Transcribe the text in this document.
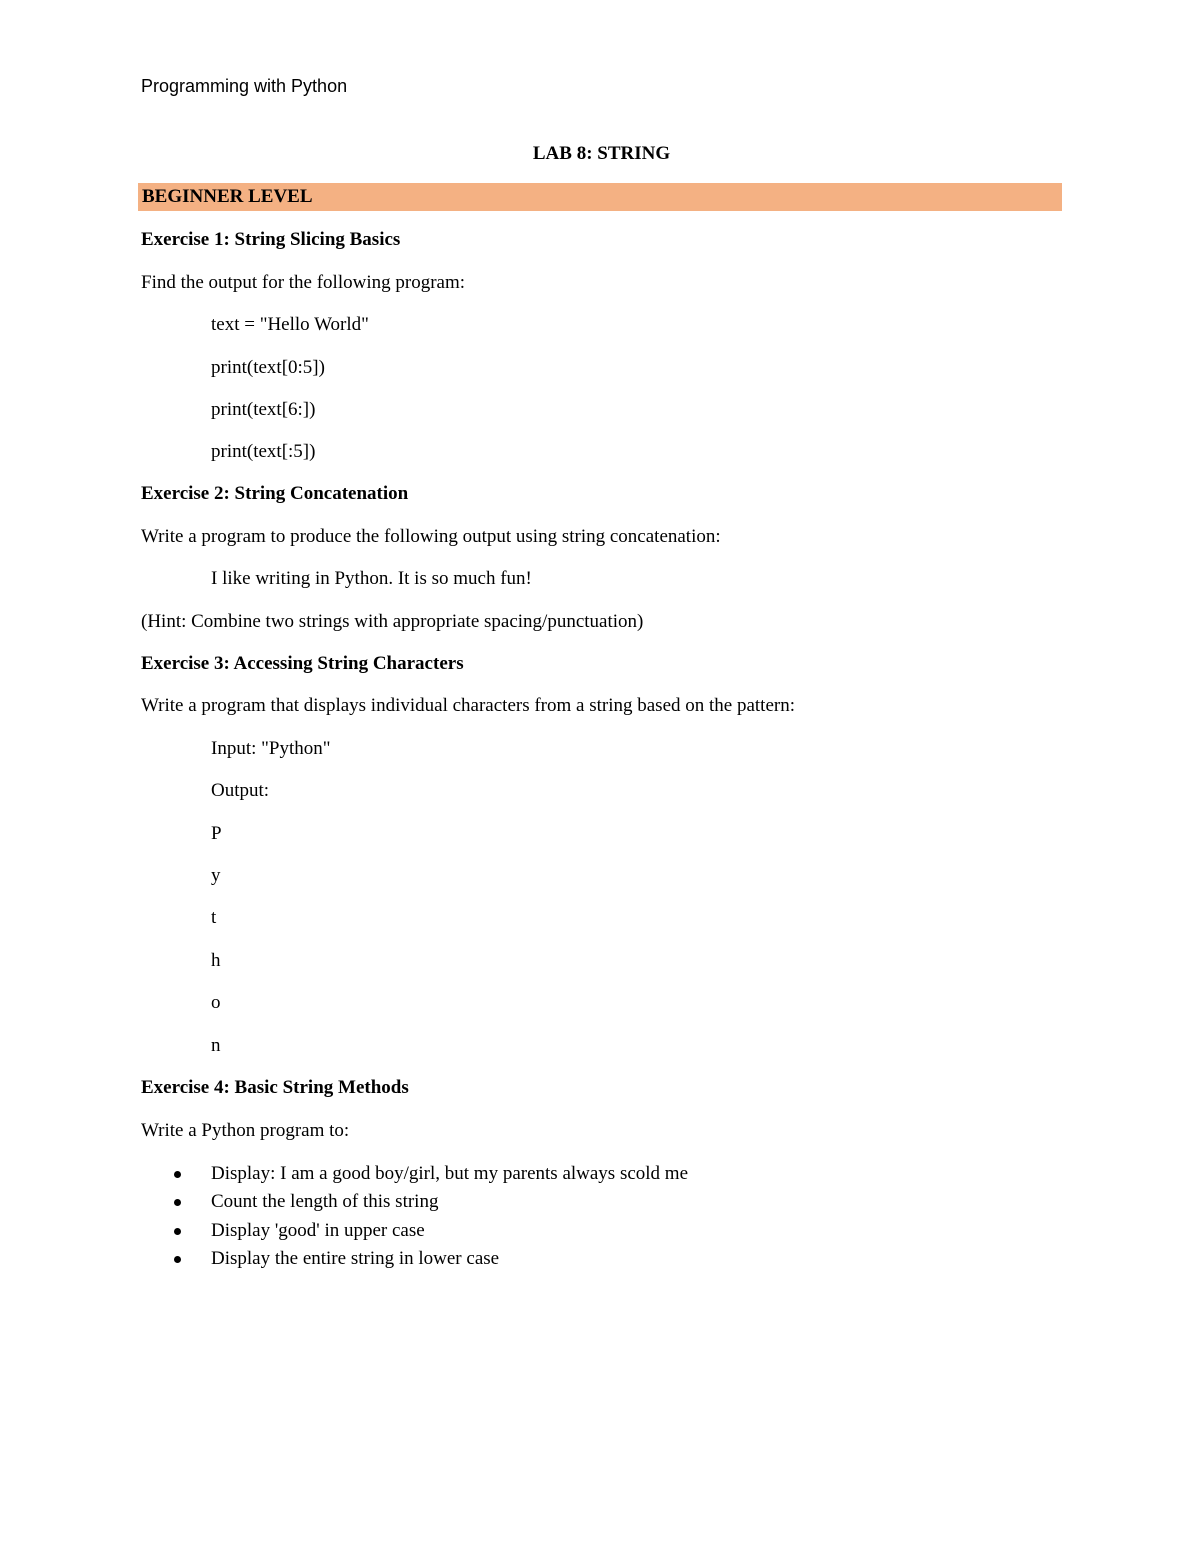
Programming with Python
LAB 8: STRING
BEGINNER LEVEL
Exercise 1: String Slicing Basics
Find the output for the following program:
text = "Hello World"
print(text[0:5])
print(text[6:])
print(text[:5])
Exercise 2: String Concatenation
Write a program to produce the following output using string concatenation:
I like writing in Python. It is so much fun!
(Hint: Combine two strings with appropriate spacing/punctuation)
Exercise 3: Accessing String Characters
Write a program that displays individual characters from a string based on the pattern:
Input: "Python"
Output:
P
y
t
h
o
n
Exercise 4: Basic String Methods
Write a Python program to:
Display: I am a good boy/girl, but my parents always scold me
Count the length of this string
Display 'good' in upper case
Display the entire string in lower case
